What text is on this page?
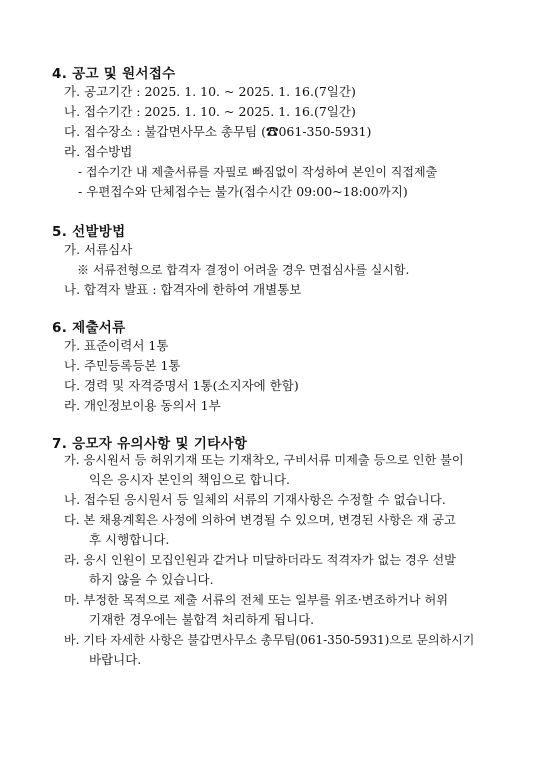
4. 공고 및 원서접수
가. 공고기간 : 2025. 1. 10. ~ 2025. 1. 16.(7일간)
나. 접수기간 : 2025. 1. 10. ~ 2025. 1. 16.(7일간)
다. 접수장소 : 불갑면사무소 총무팀 (☎061-350-5931)
라. 접수방법
- 접수기간 내 제출서류를 자필로 빠짐없이 작성하여 본인이 직접제출
- 우편접수와 단체접수는 불가(접수시간 09:00~18:00까지)
5. 선발방법
가. 서류심사
※ 서류전형으로 합격자 결정이 어려울 경우 면접심사를 실시함.
나. 합격자 발표 : 합격자에 한하여 개별통보
6. 제출서류
가. 표준이력서 1통
나. 주민등록등본 1통
다. 경력 및 자격증명서 1통(소지자에 한함)
라. 개인정보이용 동의서 1부
7. 응모자 유의사항 및 기타사항
가. 응시원서 등 허위기재 또는 기재착오, 구비서류 미제출 등으로 인한 불이
익은 응시자 본인의 책임으로 합니다.
나. 접수된 응시원서 등 일체의 서류의 기재사항은 수정할 수 없습니다.
다. 본 채용계획은 사정에 의하여 변경될 수 있으며, 변경된 사항은 재 공고
후 시행합니다.
라. 응시 인원이 모집인원과 같거나 미달하더라도 적격자가 없는 경우 선발
하지 않을 수 있습니다.
마. 부정한 목적으로 제출 서류의 전체 또는 일부를 위조·변조하거나 허위
기재한 경우에는 불합격 처리하게 됩니다.
바. 기타 자세한 사항은 불갑면사무소 총무팀(061-350-5931)으로 문의하시기
바랍니다.
